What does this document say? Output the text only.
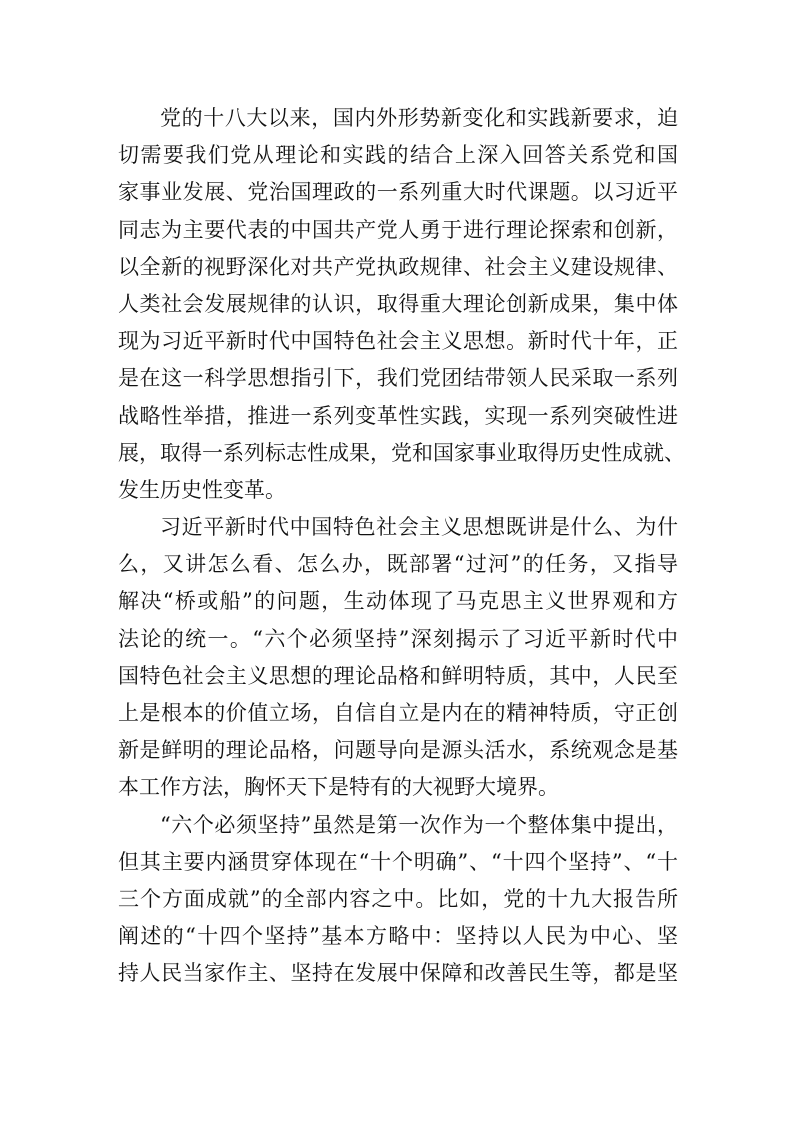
党的十八大以来，国内外形势新变化和实践新要求，迫
切需要我们党从理论和实践的结合上深入回答关系党和国
家事业发展、党治国理政的一系列重大时代课题。以习近平
同志为主要代表的中国共产党人勇于进行理论探索和创新，
以全新的视野深化对共产党执政规律、社会主义建设规律、
人类社会发展规律的认识，取得重大理论创新成果，集中体
现为习近平新时代中国特色社会主义思想。新时代十年，正
是在这一科学思想指引下，我们党团结带领人民采取一系列
战略性举措，推进一系列变革性实践，实现一系列突破性进
展，取得一系列标志性成果，党和国家事业取得历史性成就、
发生历史性变革。
习近平新时代中国特色社会主义思想既讲是什么、为什
么，又讲怎么看、怎么办，既部署“过河”的任务，又指导
解决“桥或船”的问题，生动体现了马克思主义世界观和方
法论的统一。“六个必须坚持”深刻揭示了习近平新时代中
国特色社会主义思想的理论品格和鲜明特质，其中，人民至
上是根本的价值立场，自信自立是内在的精神特质，守正创
新是鲜明的理论品格，问题导向是源头活水，系统观念是基
本工作方法，胸怀天下是特有的大视野大境界。
“六个必须坚持”虽然是第一次作为一个整体集中提出，
但其主要内涵贯穿体现在“十个明确”、“十四个坚持”、“十
三个方面成就”的全部内容之中。比如，党的十九大报告所
阐述的“十四个坚持”基本方略中：坚持以人民为中心、坚
持人民当家作主、坚持在发展中保障和改善民生等，都是坚
